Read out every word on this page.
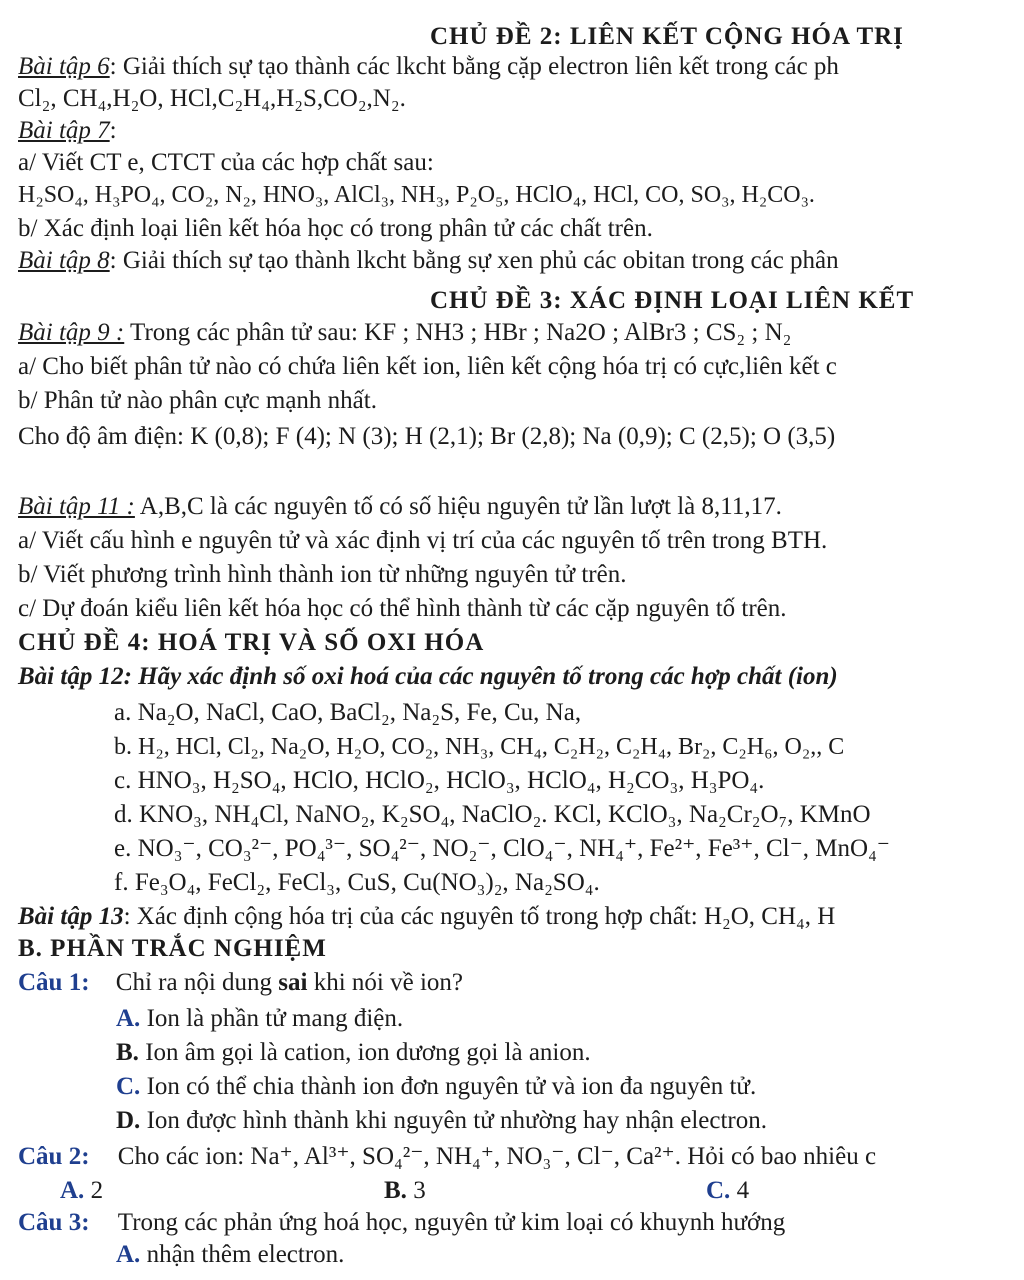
CHỦ ĐỀ 2: LIÊN KẾT CỘNG HÓA TRỊ
Bài tập 6: Giải thích sự tạo thành các lkcht bằng cặp electron liên kết trong các ph
Cl₂, CH₄,H₂O, HCl,C₂H₄,H₂S,CO₂,N₂.
Bài tập 7:
a/ Viết CT e, CTCT của các hợp chất sau:
H₂SO₄, H₃PO₄, CO₂, N₂, HNO₃, AlCl₃, NH₃, P₂O₅, HClO₄, HCl, CO, SO₃, H₂CO₃.
b/ Xác định loại liên kết hóa học có trong phân tử các chất trên.
Bài tập 8: Giải thích sự tạo thành lkcht bằng sự xen phủ các obitan trong các phân
CHỦ ĐỀ 3: XÁC ĐỊNH LOẠI LIÊN KẾT
Bài tập 9 : Trong các phân tử sau: KF ; NH3 ; HBr ; Na2O ; AlBr3 ; CS₂ ; N₂
a/ Cho biết phân tử nào có chứa liên kết ion, liên kết cộng hóa trị có cực,liên kết c
b/ Phân tử nào phân cực mạnh nhất.
Cho độ âm điện: K (0,8); F (4); N (3); H (2,1); Br (2,8); Na (0,9); C (2,5); O (3,5)
Bài tập 11 : A,B,C là các nguyên tố có số hiệu nguyên tử lần lượt là 8,11,17.
a/ Viết cấu hình e nguyên tử và xác định vị trí của các nguyên tố trên trong BTH.
b/ Viết phương trình hình thành ion từ những nguyên tử trên.
c/ Dự đoán kiểu liên kết hóa học có thể hình thành từ các cặp nguyên tố trên.
CHỦ ĐỀ 4: HOÁ TRỊ VÀ SỐ OXI HÓA
Bài tập 12: Hãy xác định số oxi hoá của các nguyên tố trong các hợp chất (ion)
a. Na₂O, NaCl, CaO, BaCl₂, Na₂S, Fe, Cu, Na,
b. H₂, HCl, Cl₂, Na₂O, H₂O, CO₂, NH₃, CH₄, C₂H₂, C₂H₄, Br₂, C₂H₆, O₂,, C
c. HNO₃, H₂SO₄, HClO, HClO₂, HClO₃, HClO₄, H₂CO₃, H₃PO₄.
d. KNO₃, NH₄Cl, NaNO₂, K₂SO₄, NaClO₂. KCl, KClO₃, Na₂Cr₂O₇, KMnO
e. NO₃⁻, CO₃²⁻, PO₄³⁻, SO₄²⁻, NO₂⁻, ClO₄⁻, NH₄⁺, Fe²⁺, Fe³⁺, Cl⁻, MnO₄⁻
f. Fe₃O₄, FeCl₂, FeCl₃, CuS, Cu(NO₃)₂, Na₂SO₄.
Bài tập 13: Xác định cộng hóa trị của các nguyên tố trong hợp chất: H₂O, CH₄, H
B. PHẦN TRẮC NGHIỆM
Câu 1: Chỉ ra nội dung sai khi nói về ion?
A. Ion là phần tử mang điện.
B. Ion âm gọi là cation, ion dương gọi là anion.
C. Ion có thể chia thành ion đơn nguyên tử và ion đa nguyên tử.
D. Ion được hình thành khi nguyên tử nhường hay nhận electron.
Câu 2: Cho các ion: Na⁺, Al³⁺, SO₄²⁻, NH₄⁺, NO₃⁻, Cl⁻, Ca²⁺. Hỏi có bao nhiêu c
A. 2	B. 3	C. 4
Câu 3: Trong các phản ứng hoá học, nguyên tử kim loại có khuynh hướng
A. nhận thêm electron.
